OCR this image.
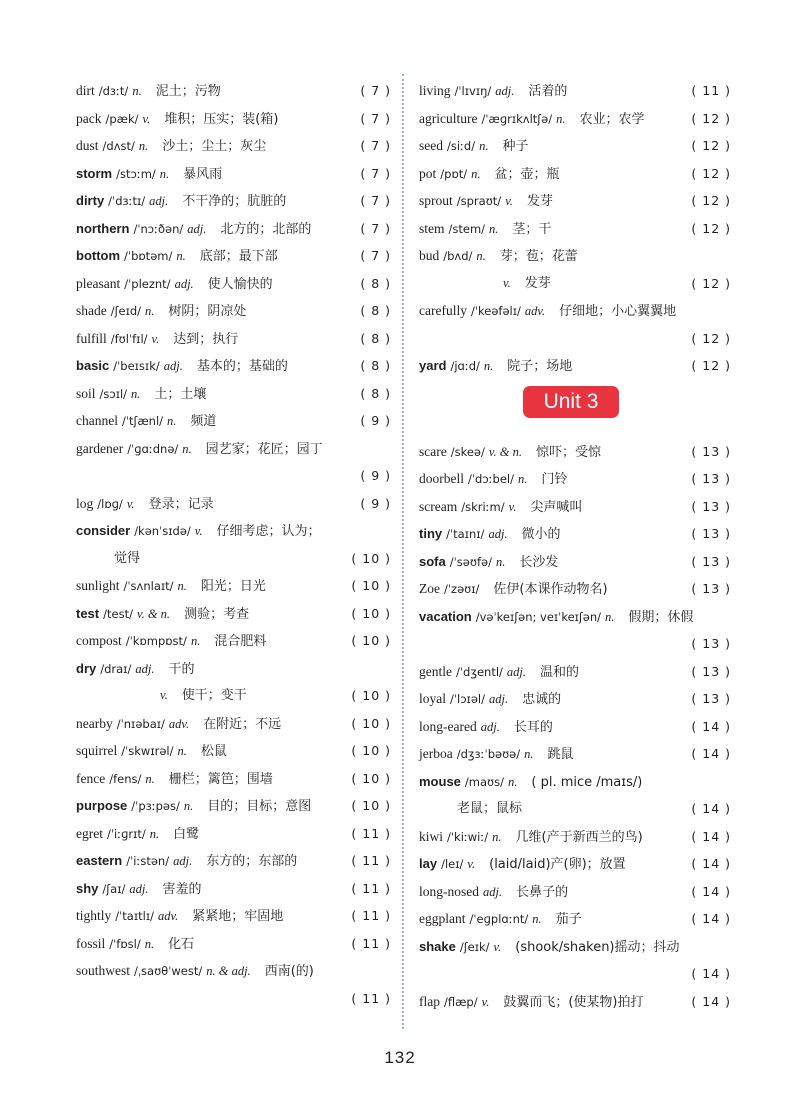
dirt /dɜːt/ n. 泥土；污物	( 7 )
pack /pæk/ v. 堆积；压实；装(箱)	( 7 )
dust /dʌst/ n. 沙土；尘土；灰尘	( 7 )
storm /stɔːm/ n. 暴风雨	( 7 )
dirty /ˈdɜːtɪ/ adj. 不干净的；肮脏的	( 7 )
northern /ˈnɔːðən/ adj. 北方的；北部的	( 7 )
bottom /ˈbɒtəm/ n. 底部；最下部	( 7 )
pleasant /ˈpleznt/ adj. 使人愉快的	( 8 )
shade /ʃeɪd/ n. 树阴；阴凉处	( 8 )
fulfill /fʊlˈfɪl/ v. 达到；执行	( 8 )
basic /ˈbeɪsɪk/ adj. 基本的；基础的	( 8 )
soil /sɔɪl/ n. 土；土壤	( 8 )
channel /ˈtʃænl/ n. 频道	( 9 )
gardener /ˈɡɑːdnə/ n. 园艺家；花匠；园丁
( 9 )
log /lɒɡ/ v. 登录；记录	( 9 )
consider /kənˈsɪdə/ v. 仔细考虑；认为；
觉得	( 10 )
sunlight /ˈsʌnlaɪt/ n. 阳光；日光	( 10 )
test /test/ v. & n. 测验；考查	( 10 )
compost /ˈkɒmpɒst/ n. 混合肥料	( 10 )
dry /draɪ/ adj. 干的
v. 使干；变干	( 10 )
nearby /ˈnɪəbaɪ/ adv. 在附近；不远	( 10 )
squirrel /ˈskwɪrəl/ n. 松鼠	( 10 )
fence /fens/ n. 栅栏；篱笆；围墙	( 10 )
purpose /ˈpɜːpəs/ n. 目的；目标；意图	( 10 )
egret /ˈiːɡrɪt/ n. 白鹭	( 11 )
eastern /ˈiːstən/ adj. 东方的；东部的	( 11 )
shy /ʃaɪ/ adj. 害羞的	( 11 )
tightly /ˈtaɪtlɪ/ adv. 紧紧地；牢固地	( 11 )
fossil /ˈfɒsl/ n. 化石	( 11 )
southwest /ˌsaʊθˈwest/ n. & adj. 西南(的)
( 11 )
living /ˈlɪvɪŋ/ adj. 活着的	( 11 )
agriculture /ˈæɡrɪkʌltʃə/ n. 农业；农学	( 12 )
seed /siːd/ n. 种子	( 12 )
pot /pɒt/ n. 盆；壶；瓶	( 12 )
sprout /spraʊt/ v. 发芽	( 12 )
stem /stem/ n. 茎；干	( 12 )
bud /bʌd/ n. 芽；苞；花蕾
v. 发芽	( 12 )
carefully /ˈkeəfəlɪ/ adv. 仔细地；小心翼翼地
( 12 )
yard /jɑːd/ n. 院子；场地	( 12 )
Unit 3
scare /skeə/ v. & n. 惊吓；受惊	( 13 )
doorbell /ˈdɔːbel/ n. 门铃	( 13 )
scream /skriːm/ v. 尖声喊叫	( 13 )
tiny /ˈtaɪnɪ/ adj. 微小的	( 13 )
sofa /ˈsəʊfə/ n. 长沙发	( 13 )
Zoe /ˈzəʊɪ/ 佐伊(本课作动物名)	( 13 )
vacation /vəˈkeɪʃən; veɪˈkeɪʃən/ n. 假期；休假
( 13 )
gentle /ˈdʒentl/ adj. 温和的	( 13 )
loyal /ˈlɔɪəl/ adj. 忠诚的	( 13 )
long-eared adj. 长耳的	( 14 )
jerboa /dʒɜːˈbəʊə/ n. 跳鼠	( 14 )
mouse /maʊs/ n. ( pl. mice /maɪs/)
老鼠；鼠标	( 14 )
kiwi /ˈkiːwiː/ n. 几维(产于新西兰的鸟)	( 14 )
lay /leɪ/ v. (laid/laid)产(卵)；放置	( 14 )
long-nosed adj. 长鼻子的	( 14 )
eggplant /ˈeɡplɑːnt/ n. 茄子	( 14 )
shake /ʃeɪk/ v. (shook/shaken)摇动；抖动
( 14 )
flap /flæp/ v. 鼓翼而飞；(使某物)拍打	( 14 )
132
